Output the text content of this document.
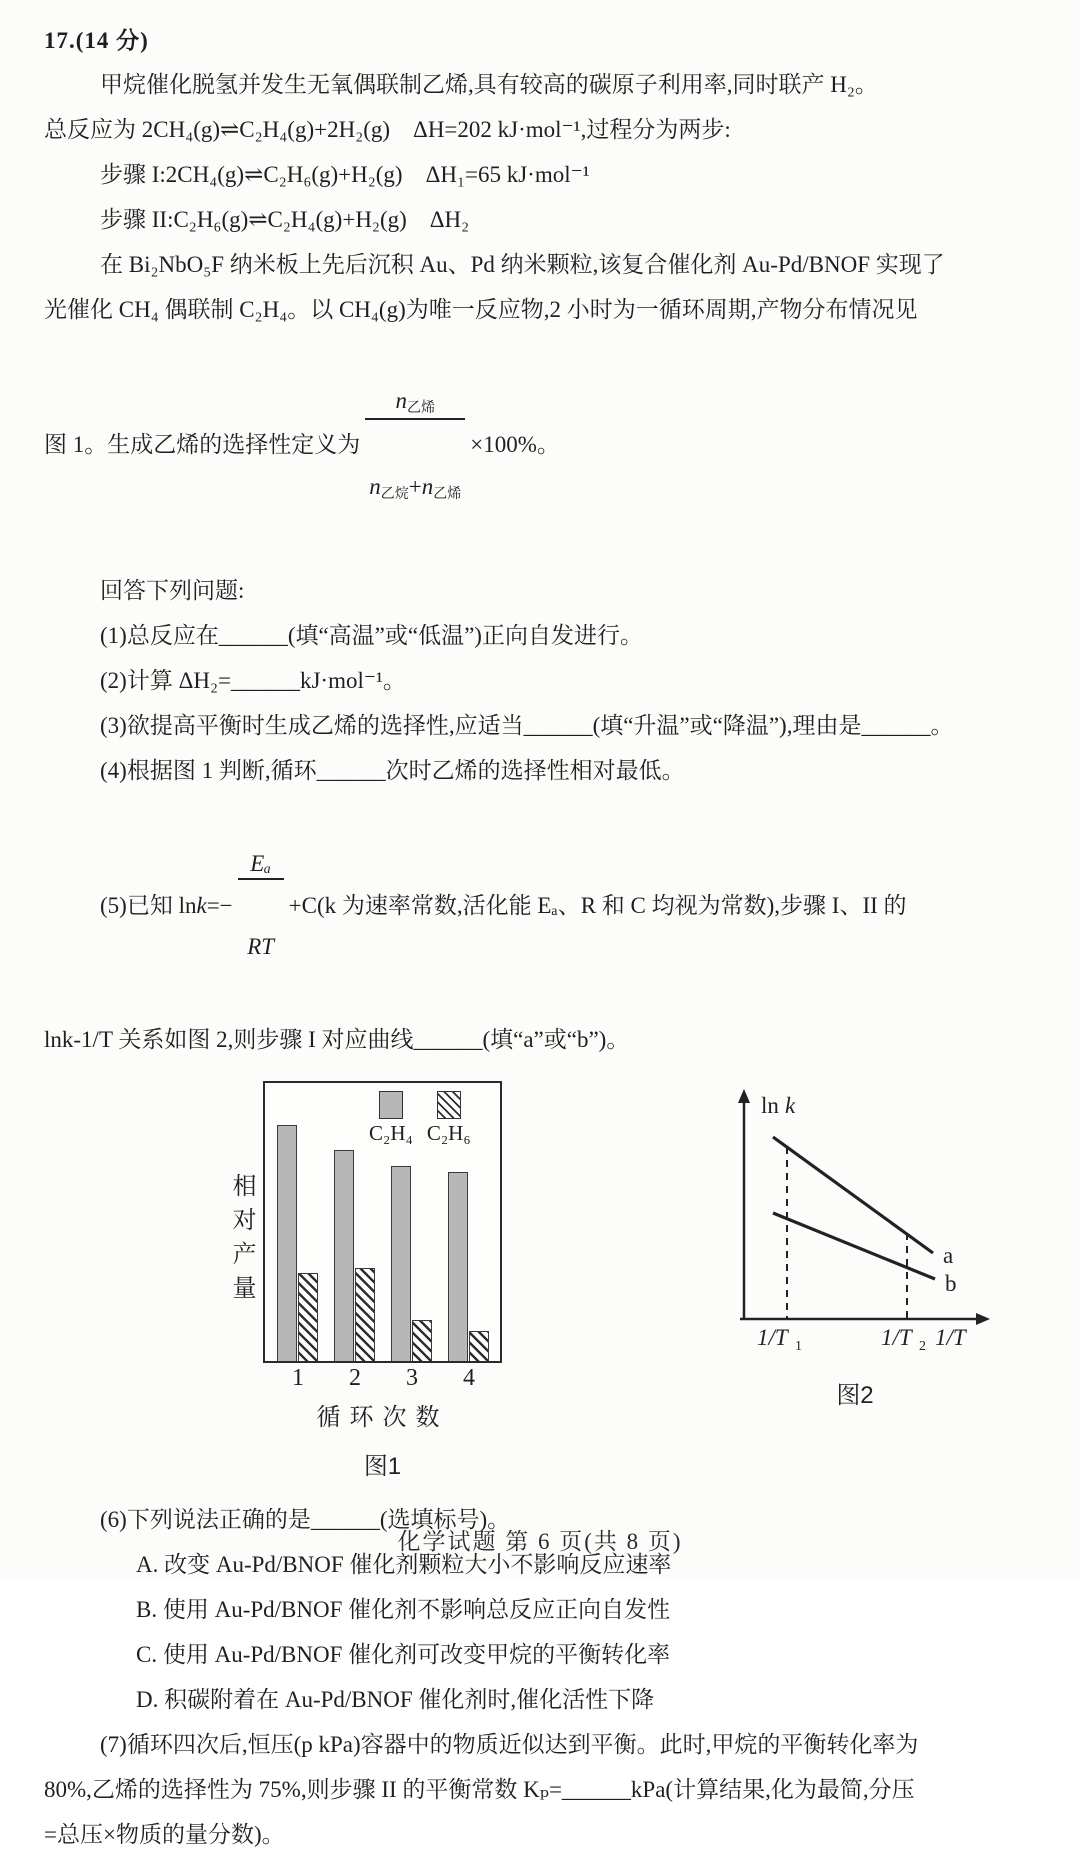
17.(14 分)

甲烷催化脱氢并发生无氧偶联制乙烯,具有较高的碳原子利用率,同时联产 H₂。

总反应为 2CH₄(g)⇌C₂H₄(g)+2H₂(g)    ΔH=202 kJ·mol⁻¹,过程分为两步:

步骤 I:2CH₄(g)⇌C₂H₆(g)+H₂(g)    ΔH₁=65 kJ·mol⁻¹

步骤 II:C₂H₆(g)⇌C₂H₄(g)+H₂(g)    ΔH₂

在 Bi₂NbO₅F 纳米板上先后沉积 Au、Pd 纳米颗粒,该复合催化剂 Au-Pd/BNOF 实现了

光催化 CH₄ 偶联制 C₂H₄。以 CH₄(g)为唯一反应物,2 小时为一循环周期,产物分布情况见

图 1。生成乙烯的选择性定义为

$\frac{\text{n乙烯}}{\text{n乙烷+n乙烯}}$

×100%。

回答下列问题:

(1)总反应在______(填“高温”或“低温”)正向自发进行。

(2)计算 ΔH₂=______kJ·mol⁻¹。

(3)欲提高平衡时生成乙烯的选择性,应适当______(填“升温”或“降温”),理由是______。

(4)根据图 1 判断,循环______次时乙烯的选择性相对最低。

(5)已知 ln k =−

$\frac{\text{Eₐ}}{RT}$

+C(k 为速率常数,活化能 Eₐ、R 和 C 均视为常数),步骤 I、II 的

lnk-1/T 关系如图 2,则步骤 I 对应曲线______(填“a”或“b”)。

相对产量
C₂H₄ C₂H₆
1 2 3 4
循环次数
图1
ln k
a
b
1/T 1	1/T 2 1/T
图2

(6)下列说法正确的是______(选填标号)。

A. 改变 Au-Pd/BNOF 催化剂颗粒大小不影响反应速率

B. 使用 Au-Pd/BNOF 催化剂不影响总反应正向自发性

C. 使用 Au-Pd/BNOF 催化剂可改变甲烷的平衡转化率

D. 积碳附着在 Au-Pd/BNOF 催化剂时,催化活性下降

(7)循环四次后,恒压(p kPa)容器中的物质近似达到平衡。此时,甲烷的平衡转化率为

80%,乙烯的选择性为 75%,则步骤 II 的平衡常数 Kₚ=______kPa(计算结果,化为最简,分压

=总压×物质的量分数)。

化学试题 第 6 页(共 8 页)
